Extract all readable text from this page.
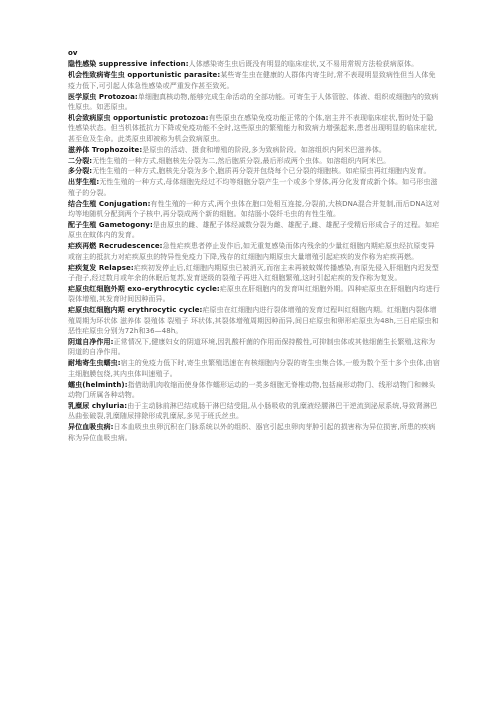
ov
隐性感染 suppressive infection:人体感染寄生虫后既没有明显的临床症状,又不易用常规方法检获病原体。
机会性致病寄生虫 opportunistic parasite:某些寄生虫在健康的人群体内寄生时,常不表现明显致病性但当人体免疫力低下,可引起人体急性感染或严重发作甚至致死。
医学原虫 Protozoa:单细胞真核动物,能够完成生命活动的全部功能。可寄生于人体管腔、体液、组织或细胞内的致病性原虫。如恶原虫。
机会致病原虫 opportunistic protozoa:有些原虫在感染免疫功能正常的个体,宿主并不表现临床症状,暂时处于隐性感染状态。但当机体抵抗力下降或免疫功能不全时,这些原虫的繁殖能力和致病力增强起来,患者出现明显的临床症状,甚至危及生命。此类原虫即被称为机会致病原虫。
滋养体 Trophozoite:是原虫的活动、摄食和增殖的阶段,多为致病阶段。如溶组织内阿米巴滋养体。
二分裂:无性生殖的一种方式,细胞核先分裂为二,然后胞质分裂,最后形成两个虫体。如溶组织内阿米巴。
多分裂:无性生殖的一种方式,胞核先分裂为多个,胞质再分裂并包绕每个已分裂的细胞核。如疟原虫再红细胞内发育。
出芽生殖:无性生殖的一种方式,母体细胞先经过不均等细胞分裂产生一个或多个芽体,再分化发育成新个体。如弓形虫滋殖子的分裂。
结合生殖 Conjugation:有性生殖的一种方式,两个虫体在胞口处相互连接,分裂前,大核DNA混合并复制,而后DNA这对均等地随机分配到两个子核中,再分裂成两个新的细胞。如结肠小袋纤毛虫的有性生殖。
配子生殖 Gametogony:是由原虫的雌、雄配子体经减数分裂为雌、雄配子,雌、雄配子受精后形成合子的过程。如疟原虫在蚊体内的发育。
疟疾再燃 Recrudescence:急性疟疾患者停止发作后,如无重复感染而体内残余的少量红细胞内期疟原虫经抗原变异或宿主的抵抗力对疟疾原虫的特异性免疫力下降,残存的红细胞内期原虫大量增殖引起疟疾的发作称为疟疾再燃。
疟疾复发 Relapse:疟疾初发停止后,红细胞内期原虫已被消灭,而宿主未再被蚊媒传播感染,有原先侵入肝细胞内迟发型子孢子,经过数月或年余的休眠后复苏,发育逐级的裂殖子再进入红细胞繁殖,这时引起疟疾的发作称为复发。
疟原虫红细胞外期 exo-erythrocytic cycle:疟原虫在肝细胞内的发育叫红细胞外期。四种疟原虫在肝细胞内均进行裂体增殖,其发育时间因种而异。
疟原虫红细胞内期 erythrocytic cycle:疟原虫在红细胞内进行裂体增殖的发育过程叫红细胞内期。红细胞内裂体增殖周期为环状体 滋养体 裂殖体 裂殖子 环状体,其裂体增殖周期因种而异,间日疟原虫和卵形疟原虫为48h,三日疟原虫和恶性疟原虫分别为72h和36—48h。
阴道自净作用:正常情况下,健康妇女的阴道环境,因乳酸杆菌的作用而保持酸性,可抑制虫体或其他细菌生长繁殖,这称为阴道的自净作用。
耐地寄生虫蠕虫:宿主的免疫力低下时,寄生虫繁殖迅速在有核细胞内分裂的寄生虫集合体,一般为数个至十多个虫体,由宿主细胞膜包绕,其内虫体叫速殖子。
蠕虫(helminth):指借助肌肉收缩而使身体作蠕形运动的一类多细胞无脊椎动物,包括扁形动物门、线形动物门和棘头动物门所属各种动物。
乳糜尿 chyluria:由于主动脉前淋巴结或肠干淋巴结受阻,从小肠吸收的乳糜液经腰淋巴干逆流到泌尿系统,导致肾淋巴丛曲张破裂,乳糜随尿排除形成乳糜尿,多见于班氏丝虫。
异位血吸虫病:日本血吸虫虫卵沉积在门脉系统以外的组织、器官引起虫卵肉芽肿引起的损害称为异位损害,所患的疾病称为异位血吸虫病。
